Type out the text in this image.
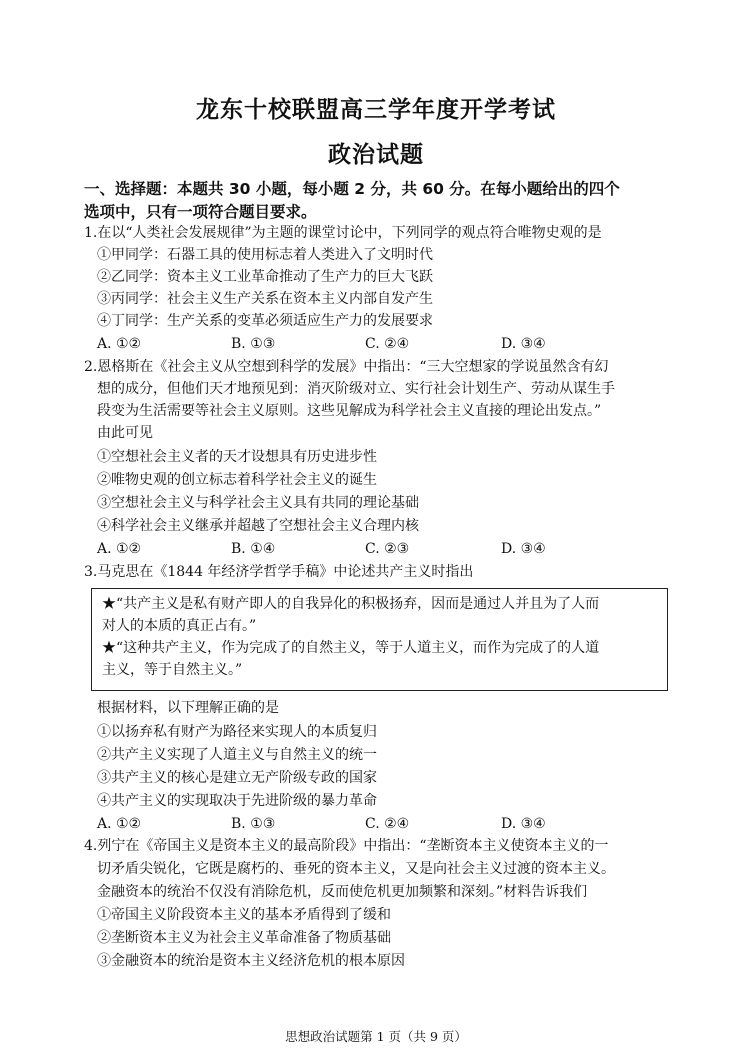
龙东十校联盟高三学年度开学考试
政治试题
一、选择题：本题共 30 小题，每小题 2 分，共 60 分。在每小题给出的四个
选项中，只有一项符合题目要求。
1.在以“人类社会发展规律”为主题的课堂讨论中，下列同学的观点符合唯物史观的是
①甲同学：石器工具的使用标志着人类进入了文明时代
②乙同学：资本主义工业革命推动了生产力的巨大飞跃
③丙同学：社会主义生产关系在资本主义内部自发产生
④丁同学：生产关系的变革必须适应生产力的发展要求
A. ①②	B. ①③	C. ②④	D. ③④
2.恩格斯在《社会主义从空想到科学的发展》中指出：“三大空想家的学说虽然含有幻
想的成分，但他们天才地预见到：消灭阶级对立、实行社会计划生产、劳动从谋生手
段变为生活需要等社会主义原则。这些见解成为科学社会主义直接的理论出发点。”
由此可见
①空想社会主义者的天才设想具有历史进步性
②唯物史观的创立标志着科学社会主义的诞生
③空想社会主义与科学社会主义具有共同的理论基础
④科学社会主义继承并超越了空想社会主义合理内核
A. ①②	B. ①④	C. ②③	D. ③④
3.马克思在《1844 年经济学哲学手稿》中论述共产主义时指出
★“共产主义是私有财产即人的自我异化的积极扬弃，因而是通过人并且为了人而
对人的本质的真正占有。”
★“这种共产主义，作为完成了的自然主义，等于人道主义，而作为完成了的人道
主义，等于自然主义。”
根据材料，以下理解正确的是
①以扬弃私有财产为路径来实现人的本质复归
②共产主义实现了人道主义与自然主义的统一
③共产主义的核心是建立无产阶级专政的国家
④共产主义的实现取决于先进阶级的暴力革命
A. ①②	B. ①③	C. ②④	D. ③④
4.列宁在《帝国主义是资本主义的最高阶段》中指出：“垄断资本主义使资本主义的一
切矛盾尖锐化，它既是腐朽的、垂死的资本主义，又是向社会主义过渡的资本主义。
金融资本的统治不仅没有消除危机，反而使危机更加频繁和深刻。”材料告诉我们
①帝国主义阶段资本主义的基本矛盾得到了缓和
②垄断资本主义为社会主义革命准备了物质基础
③金融资本的统治是资本主义经济危机的根本原因
思想政治试题第 1 页（共 9 页）
